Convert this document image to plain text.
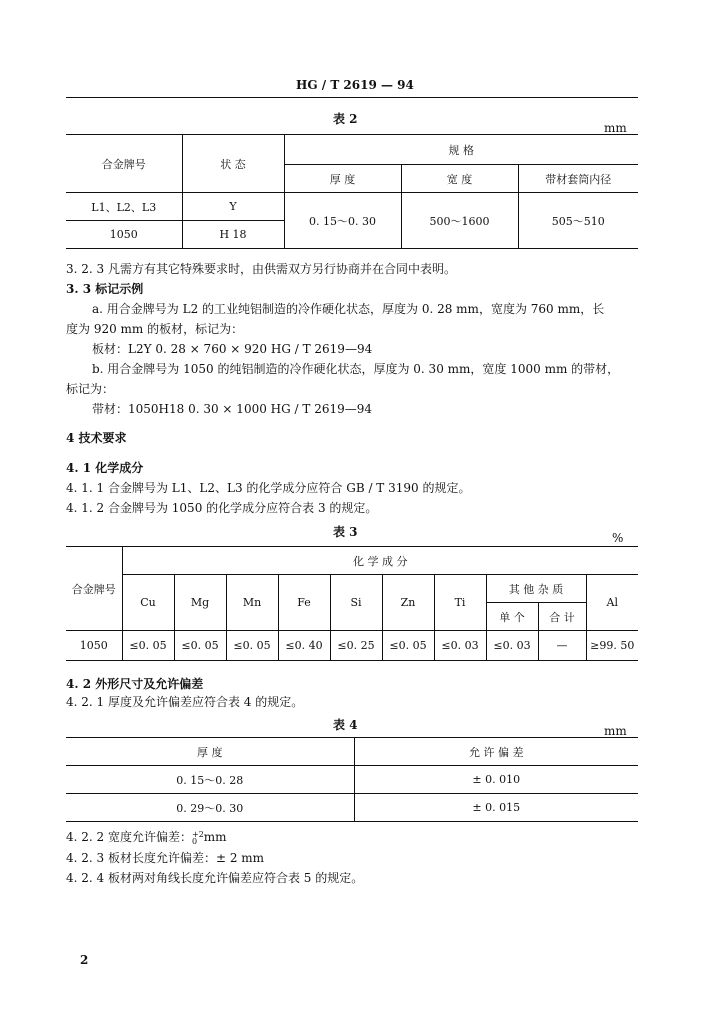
HG / T 2619 — 94
表 2
mm
合金牌号	状 态	规 格		
		厚 度	宽 度	带材套筒内径
L1、L2、L3	Y	0. 15～0. 30	500～1600	505～510
1050	H 18			
3. 2. 3 凡需方有其它特殊要求时，由供需双方另行协商并在合同中表明。
3. 3 标记示例
a. 用合金牌号为 L2 的工业纯铝制造的冷作硬化状态，厚度为 0. 28 mm，宽度为 760 mm，长
度为 920 mm 的板材，标记为：
板材：L2Y 0. 28 × 760 × 920 HG / T 2619—94
b. 用合金牌号为 1050 的纯铝制造的冷作硬化状态，厚度为 0. 30 mm，宽度 1000 mm 的带材，
标记为：
带材：1050H18 0. 30 × 1000 HG / T 2619—94
4 技术要求
4. 1 化学成分
4. 1. 1 合金牌号为 L1、L2、L3 的化学成分应符合 GB / T 3190 的规定。
4. 1. 2 合金牌号为 1050 的化学成分应符合表 3 的规定。
表 3	%
合金牌号	化 学 成 分									
	Cu	Mg	Mn	Fe	Si	Zn	Ti	其 他 杂 质		Al
								单 个	合 计	
1050	≤0. 05	≤0. 05	≤0. 05	≤0. 40	≤0. 25	≤0. 05	≤0. 03	≤0. 03	—	≥99. 50
4. 2 外形尺寸及允许偏差
4. 2. 1 厚度及允许偏差应符合表 4 的规定。
表 4	mm
厚 度	允 许 偏 差
0. 15～0. 28	± 0. 010
0. 29～0. 30	± 0. 015
4. 2. 2 宽度允许偏差： +2
0 mm
4. 2. 3 板材长度允许偏差：± 2 mm
4. 2. 4 板材两对角线长度允许偏差应符合表 5 的规定。
2
